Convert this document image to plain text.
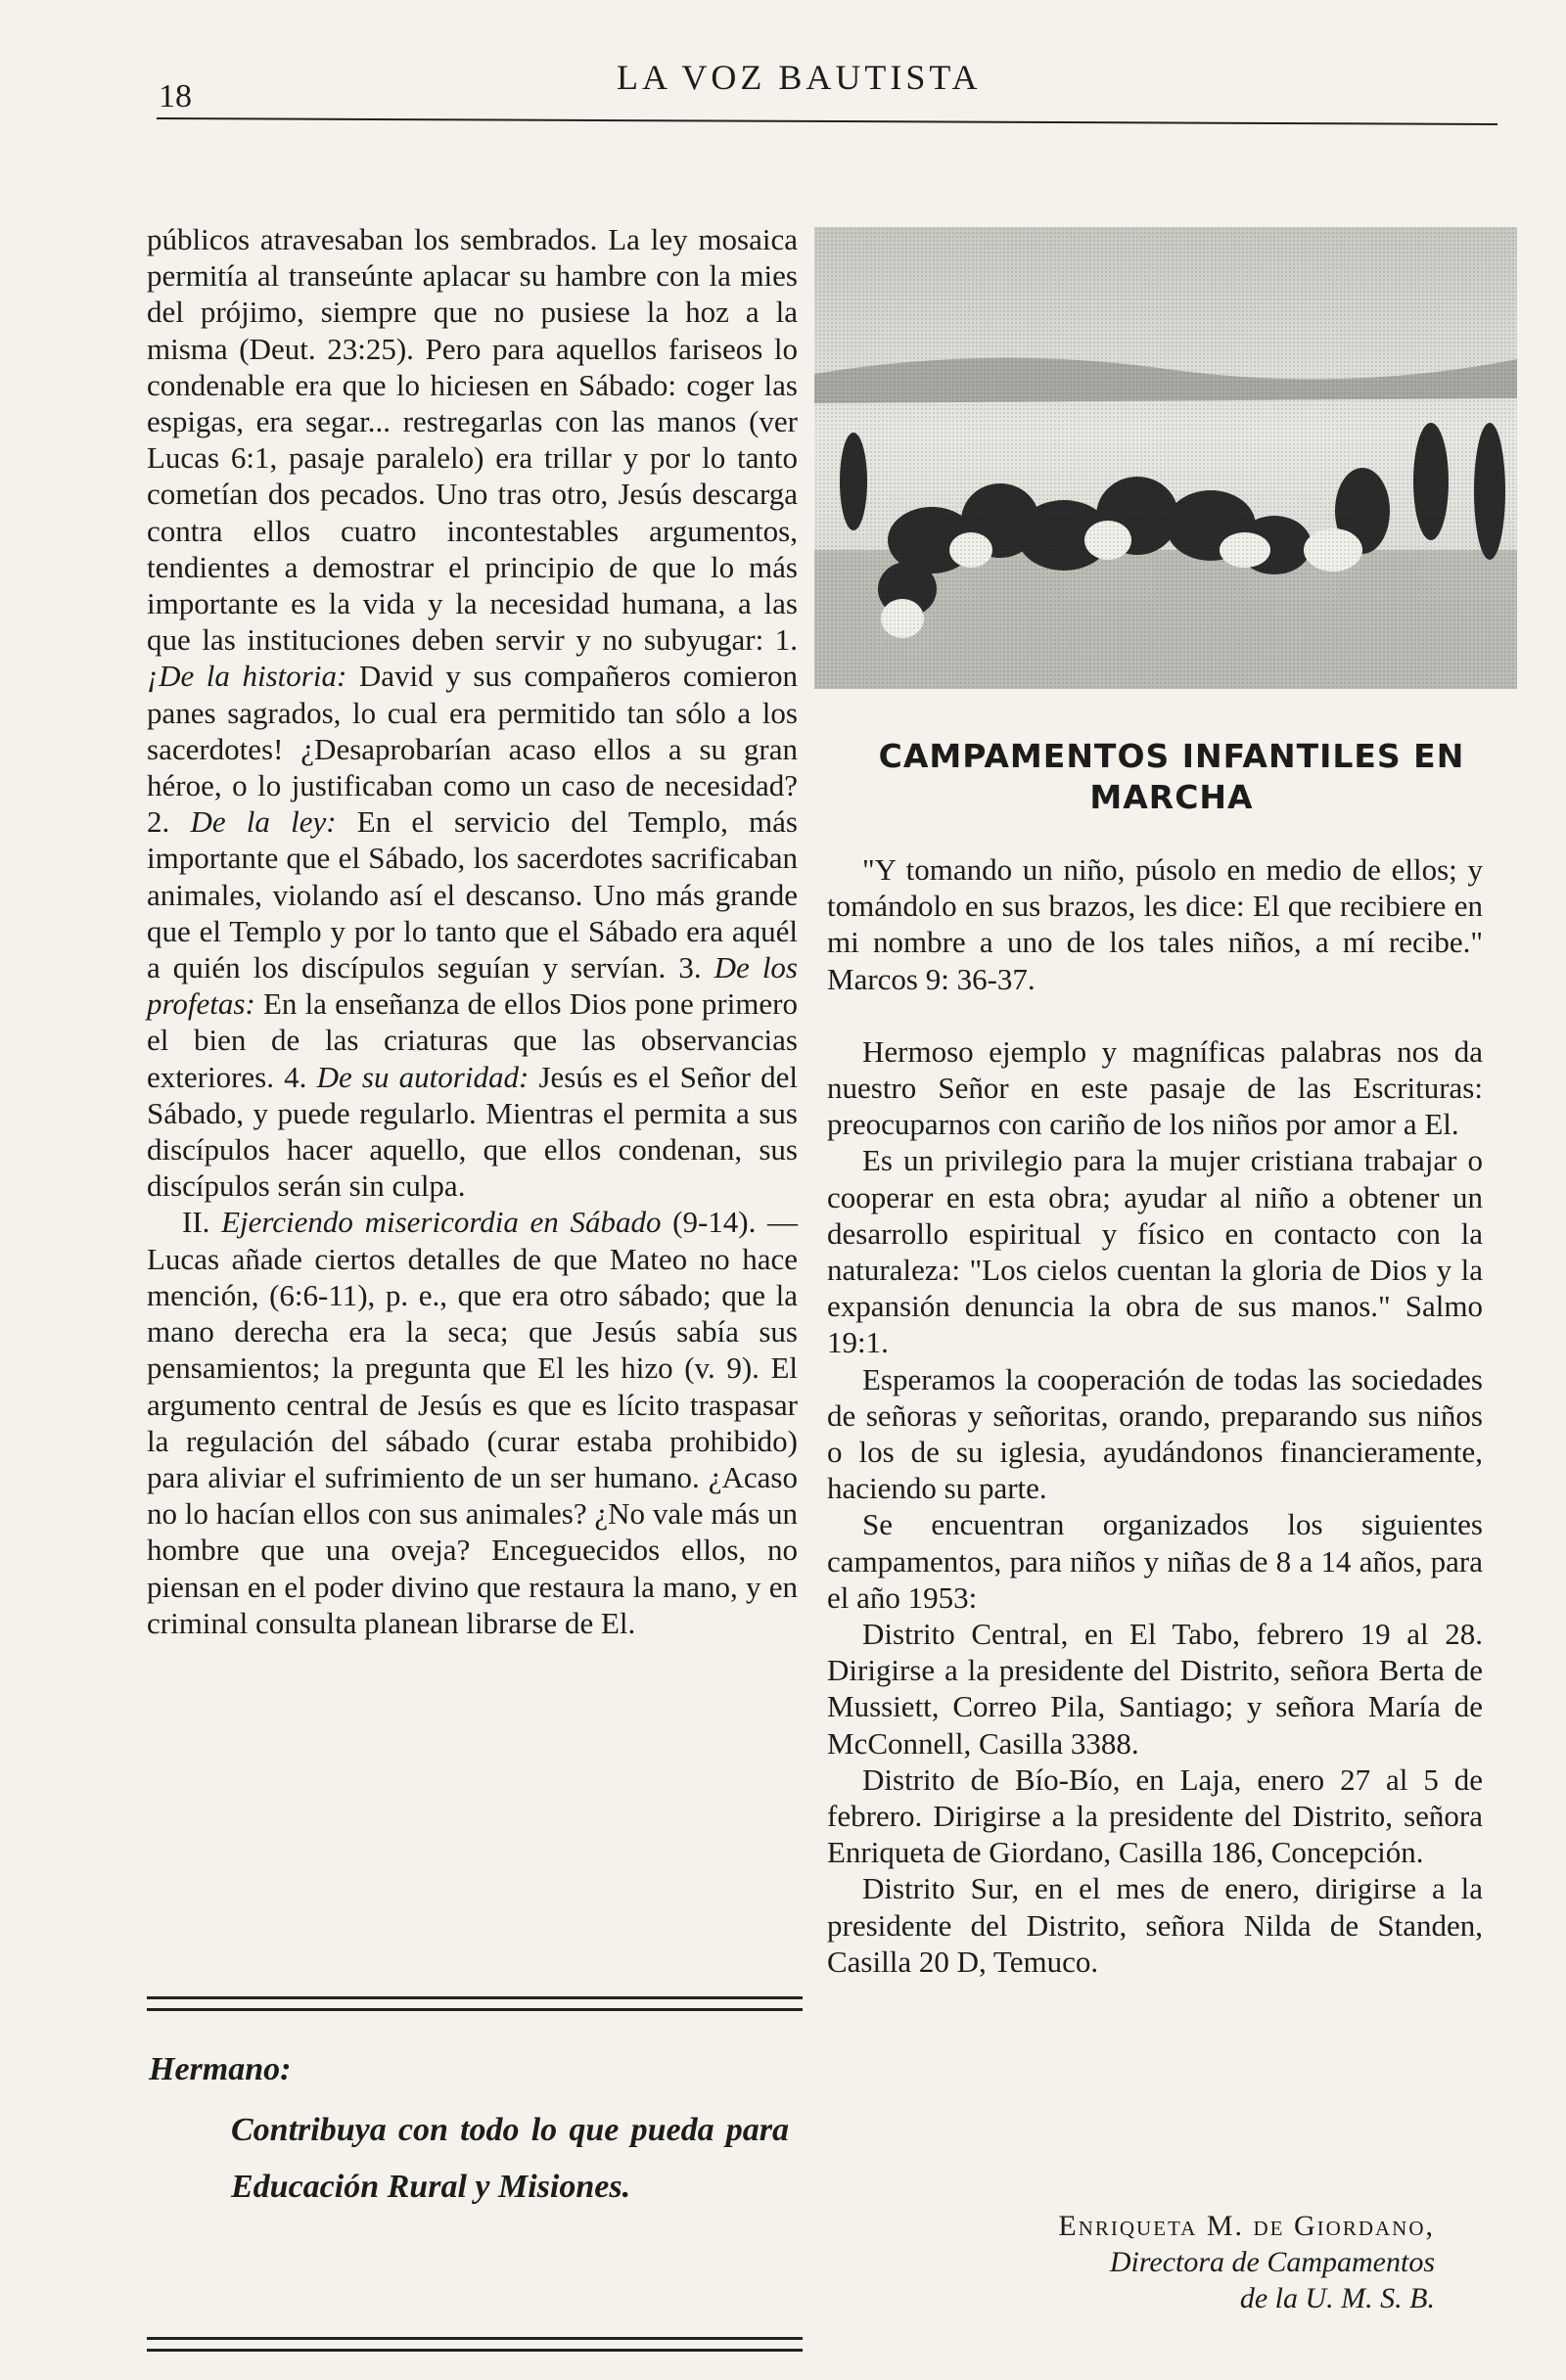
18	LA VOZ BAUTISTA

públicos atravesaban los sembrados. La ley mosaica permitía al transeúnte aplacar su hambre con la mies del prójimo, siempre que no pusiese la hoz a la misma (Deut. 23:25). Pero para aquellos fariseos lo condenable era que lo hiciesen en Sábado: coger las espigas, era segar... restregarlas con las manos (ver Lucas 6:1, pasaje paralelo) era trillar y por lo tanto cometían dos pecados. Uno tras otro, Jesús descarga contra ellos cuatro incontestables argumentos, tendientes a demostrar el principio de que lo más importante es la vida y la necesidad humana, a las que las instituciones deben servir y no subyugar: 1. ¡De la historia: David y sus compañeros comieron panes sagrados, lo cual era permitido tan sólo a los sacerdotes! ¿Desaprobarían acaso ellos a su gran héroe, o lo justificaban como un caso de necesidad? 2. De la ley: En el servicio del Templo, más importante que el Sábado, los sacerdotes sacrificaban animales, violando así el descanso. Uno más grande que el Templo y por lo tanto que el Sábado era aquél a quién los discípulos seguían y servían. 3. De los profetas: En la enseñanza de ellos Dios pone primero el bien de las criaturas que las observancias exteriores. 4. De su autoridad: Jesús es el Señor del Sábado, y puede regularlo. Mientras el permita a sus discípulos hacer aquello, que ellos condenan, sus discípulos serán sin culpa.

II. Ejerciendo misericordia en Sábado (9-14). — Lucas añade ciertos detalles de que Mateo no hace mención, (6:6-11), p. e., que era otro sábado; que la mano derecha era la seca; que Jesús sabía sus pensamientos; la pregunta que El les hizo (v. 9). El argumento central de Jesús es que es lícito traspasar la regulación del sábado (curar estaba prohibido) para aliviar el sufrimiento de un ser humano. ¿Acaso no lo hacían ellos con sus animales? ¿No vale más un hombre que una oveja? Enceguecidos ellos, no piensan en el poder divino que restaura la mano, y en criminal consulta planean librarse de El.

Hermano:
Contribuya con todo lo que pueda para Educación Rural y Misiones.
CAMPAMENTOS INFANTILES EN MARCHA

"Y tomando un niño, púsolo en medio de ellos; y tomándolo en sus brazos, les dice: El que recibiere en mi nombre a uno de los tales niños, a mí recibe." Marcos 9: 36-37.

Hermoso ejemplo y magníficas palabras nos da nuestro Señor en este pasaje de las Escrituras: preocuparnos con cariño de los niños por amor a El.

Es un privilegio para la mujer cristiana trabajar o cooperar en esta obra; ayudar al niño a obtener un desarrollo espiritual y físico en contacto con la naturaleza: "Los cielos cuentan la gloria de Dios y la expansión denuncia la obra de sus manos." Salmo 19:1.

Esperamos la cooperación de todas las sociedades de señoras y señoritas, orando, preparando sus niños o los de su iglesia, ayudándonos financieramente, haciendo su parte.

Se encuentran organizados los siguientes campamentos, para niños y niñas de 8 a 14 años, para el año 1953:

Distrito Central, en El Tabo, febrero 19 al 28. Dirigirse a la presidente del Distrito, señora Berta de Mussiett, Correo Pila, Santiago; y señora María de McConnell, Casilla 3388.

Distrito de Bío-Bío, en Laja, enero 27 al 5 de febrero. Dirigirse a la presidente del Distrito, señora Enriqueta de Giordano, Casilla 186, Concepción.

Distrito Sur, en el mes de enero, dirigirse a la presidente del Distrito, señora Nilda de Standen, Casilla 20 D, Temuco.

Enriqueta M. de Giordano,
Directora de Campamentos
de la U. M. S. B.
